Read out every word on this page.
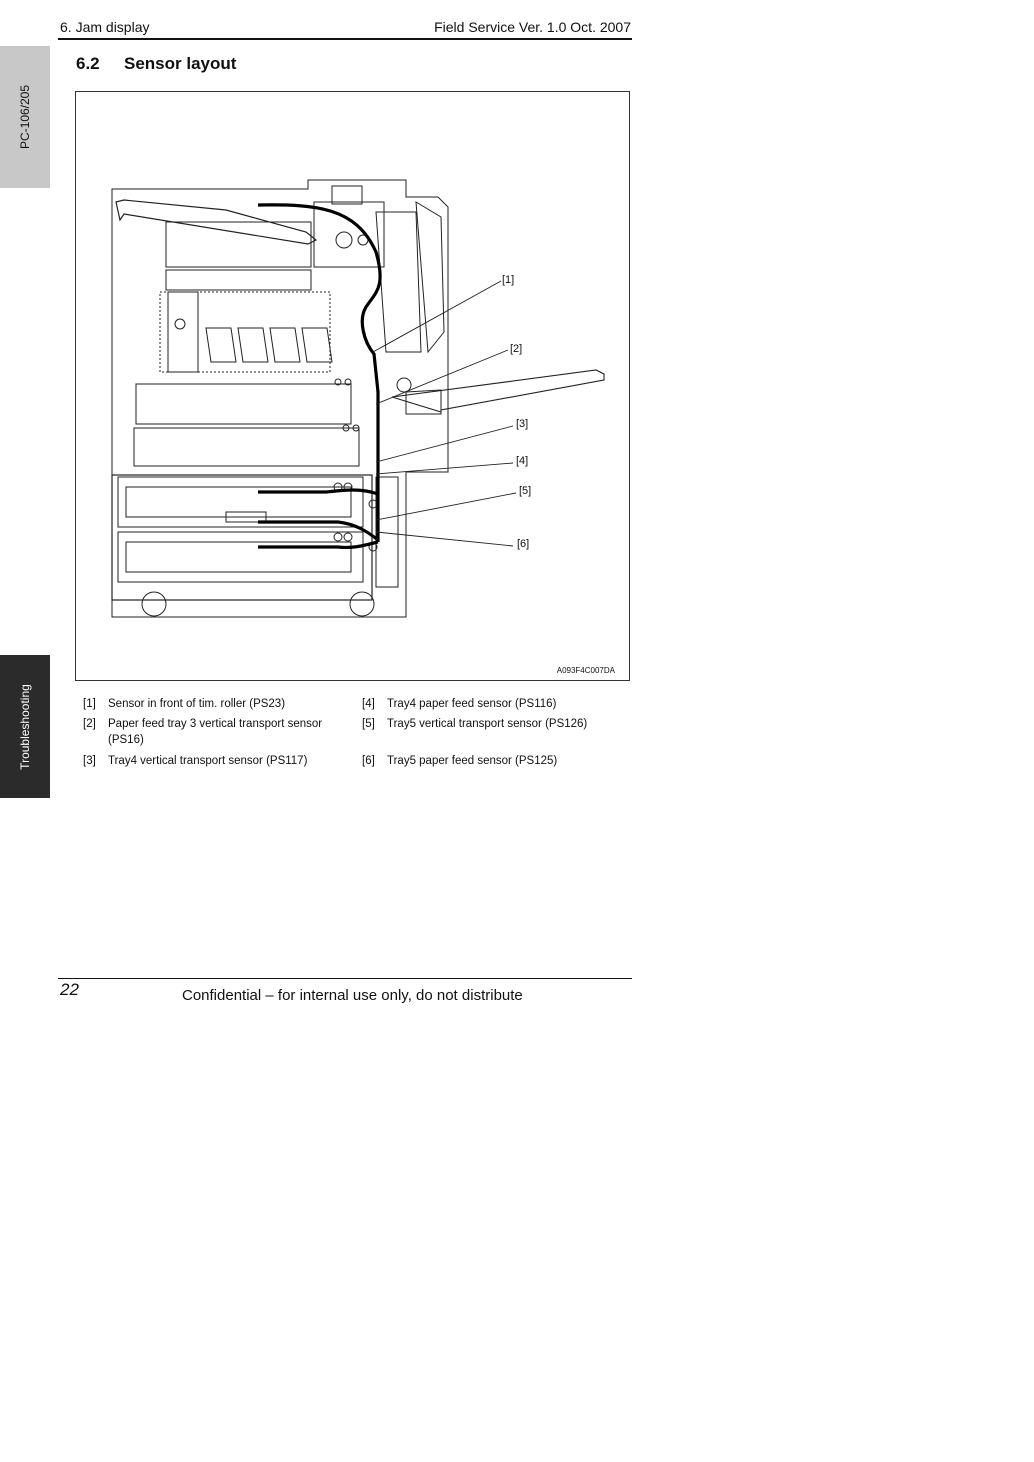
6. Jam display	Field Service Ver. 1.0 Oct. 2007
PC-106/205
Troubleshooting
6.2 Sensor layout
[1]
[2]
[3]
[4]
[5]
[6]
A093F4C007DA
[1] Sensor in front of tim. roller (PS23)
[2] Paper feed tray 3 vertical transport sensor (PS16)
[3] Tray4 vertical transport sensor (PS117)
[4] Tray4 paper feed sensor (PS116)
[5] Tray5 vertical transport sensor (PS126)
[6] Tray5 paper feed sensor (PS125)
22	Confidential – for internal use only, do not distribute
